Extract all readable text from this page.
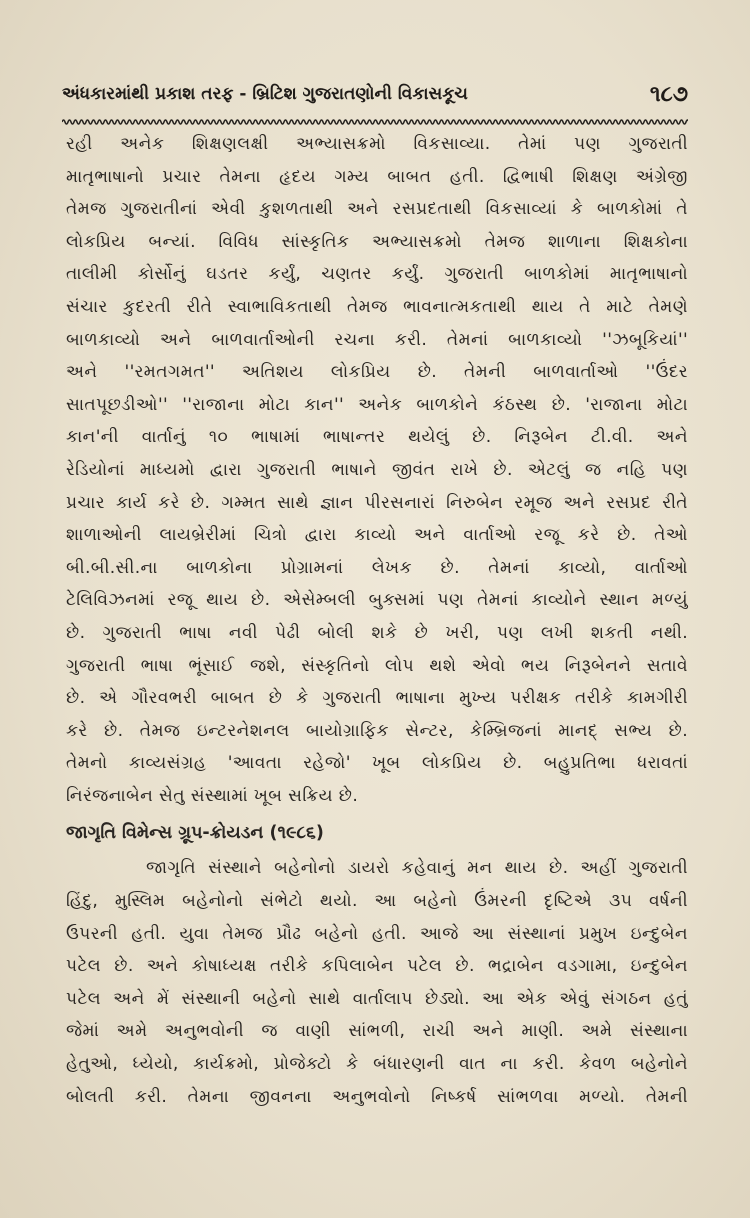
અંધકારમાંથી પ્રકાશ તરફ - બ્રિટિશ ગુજરાતણોની વિકાસકૂચ	૧૮૭
રહી અનેક શિક્ષણલક્ષી અભ્યાસક્રમો વિકસાવ્યા. તેમાં પણ ગુજરાતી
માતૃભાષાનો પ્રચાર તેમના હૃદય ગમ્ય બાબત હતી. દ્વિભાષી શિક્ષણ અંગ્રેજી
તેમજ ગુજરાતીનાં એવી કુશળતાથી અને રસપ્રદતાથી વિકસાવ્યાં કે બાળકોમાં તે
લોકપ્રિય બન્યાં. વિવિધ સાંસ્કૃતિક અભ્યાસક્રમો તેમજ શાળાના શિક્ષકોના
તાલીમી કોર્સોનું ઘડતર કર્યું, ચણતર કર્યું. ગુજરાતી બાળકોમાં માતૃભાષાનો
સંચાર કુદરતી રીતે સ્વાભાવિકતાથી તેમજ ભાવનાત્મકતાથી થાય તે માટે તેમણે
બાળકાવ્યો અને બાળવાર્તાઓની રચના કરી. તેમનાં બાળકાવ્યો ''ઝબૂકિયાં''
અને ''રમતગમત'' અતિશય લોકપ્રિય છે. તેમની બાળવાર્તાઓ ''ઉંદર
સાતપૂછડીઓ'' ''રાજાના મોટા કાન'' અનેક બાળકોને કંઠસ્થ છે. 'રાજાના મોટા
કાન'ની વાર્તાનું ૧૦ ભાષામાં ભાષાન્તર થયેલું છે. નિરૂબેન ટી.વી. અને
રેડિયોનાં માધ્યમો દ્વારા ગુજરાતી ભાષાને જીવંત રાખે છે. એટલું જ નહિ પણ
પ્રચાર કાર્ય કરે છે. ગમ્મત સાથે જ્ઞાન પીરસનારાં નિરુબેન રમૂજ અને રસપ્રદ રીતે
શાળાઓની લાયબ્રેરીમાં ચિત્રો દ્વારા કાવ્યો અને વાર્તાઓ રજૂ કરે છે. તેઓ
બી.બી.સી.ના બાળકોના પ્રોગ્રામનાં લેખક છે. તેમનાં કાવ્યો, વાર્તાઓ
ટેલિવિઝનમાં રજૂ થાય છે. એસેમ્બલી બુક્સમાં પણ તેમનાં કાવ્યોને સ્થાન મળ્યું
છે. ગુજરાતી ભાષા નવી પેઢી બોલી શકે છે ખરી, પણ લખી શકતી નથી.
ગુજરાતી ભાષા ભૂંસાઈ જશે, સંસ્કૃતિનો લોપ થશે એવો ભય નિરૂબેનને સતાવે
છે. એ ગૌરવભરી બાબત છે કે ગુજરાતી ભાષાના મુખ્ય પરીક્ષક તરીકે કામગીરી
કરે છે. તેમજ ઇન્ટરનેશનલ બાયોગ્રાફિક સેન્ટર, કેમ્બ્રિજનાં માનદ્ સભ્ય છે.
તેમનો કાવ્યસંગ્રહ 'આવતા રહેજો' ખૂબ લોકપ્રિય છે. બહુપ્રતિભા ધરાવતાં
નિરંજનાબેન સેતુ સંસ્થામાં ખૂબ સક્રિય છે.
જાગૃતિ વિમેન્સ ગ્રૂપ-ક્રોયડન (૧૯૮૬)
જાગૃતિ સંસ્થાને બહેનોનો ડાયરો કહેવાનું મન થાય છે. અહીં ગુજરાતી
હિંદુ, મુસ્લિમ બહેનોનો સંભેટો થયો. આ બહેનો ઉંમરની દૃષ્ટિએ ૩૫ વર્ષની
ઉપરની હતી. યુવા તેમજ પ્રૌઢ બહેનો હતી. આજે આ સંસ્થાનાં પ્રમુખ ઇન્દુબેન
પટેલ છે. અને કોષાધ્યક્ષ તરીકે કપિલાબેન પટેલ છે. ભદ્રાબેન વડગામા, ઇન્દુબેન
પટેલ અને મેં સંસ્થાની બહેનો સાથે વાર્તાલાપ છેડ્યો. આ એક એવું સંગઠન હતું
જેમાં અમે અનુભવોની જ વાણી સાંભળી, રાચી અને માણી. અમે સંસ્થાના
હેતુઓ, ધ્યેયો, કાર્યક્રમો, પ્રોજેક્ટો કે બંધારણની વાત ના કરી. કેવળ બહેનોને
બોલતી કરી. તેમના જીવનના અનુભવોનો નિષ્કર્ષ સાંભળવા મળ્યો. તેમની
